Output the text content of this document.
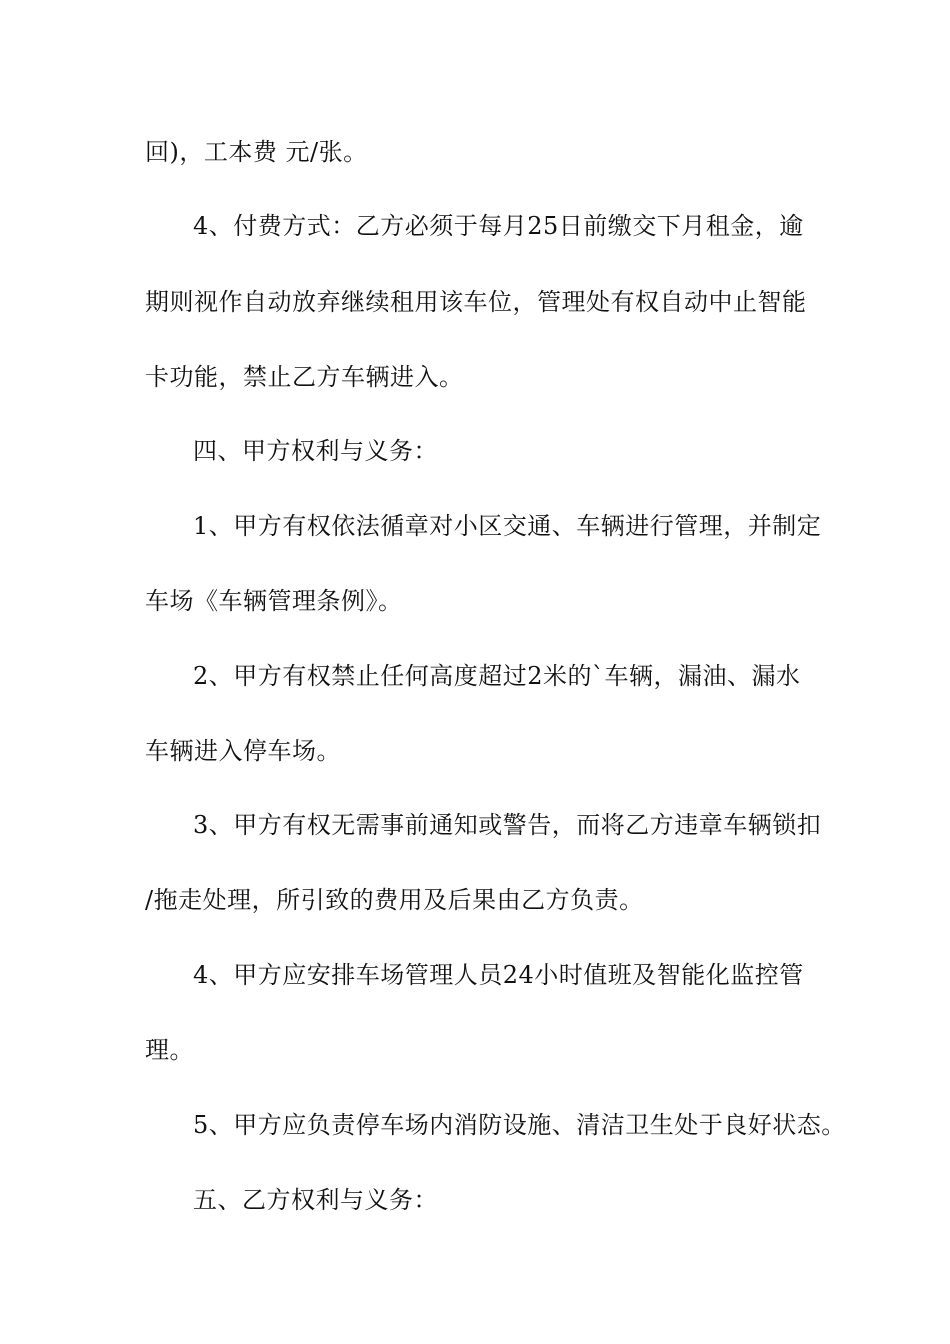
回)，工本费 元/张。
4、付费方式：乙方必须于每月25日前缴交下月租金，逾
期则视作自动放弃继续租用该车位，管理处有权自动中止智能
卡功能，禁止乙方车辆进入。
四、甲方权利与义务：
1、甲方有权依法循章对小区交通、车辆进行管理，并制定
车场《车辆管理条例》。
2、甲方有权禁止任何高度超过2米的`车辆，漏油、漏水
车辆进入停车场。
3、甲方有权无需事前通知或警告，而将乙方违章车辆锁扣
/拖走处理，所引致的费用及后果由乙方负责。
4、甲方应安排车场管理人员24小时值班及智能化监控管
理。
5、甲方应负责停车场内消防设施、清洁卫生处于良好状态。
五、乙方权利与义务：
